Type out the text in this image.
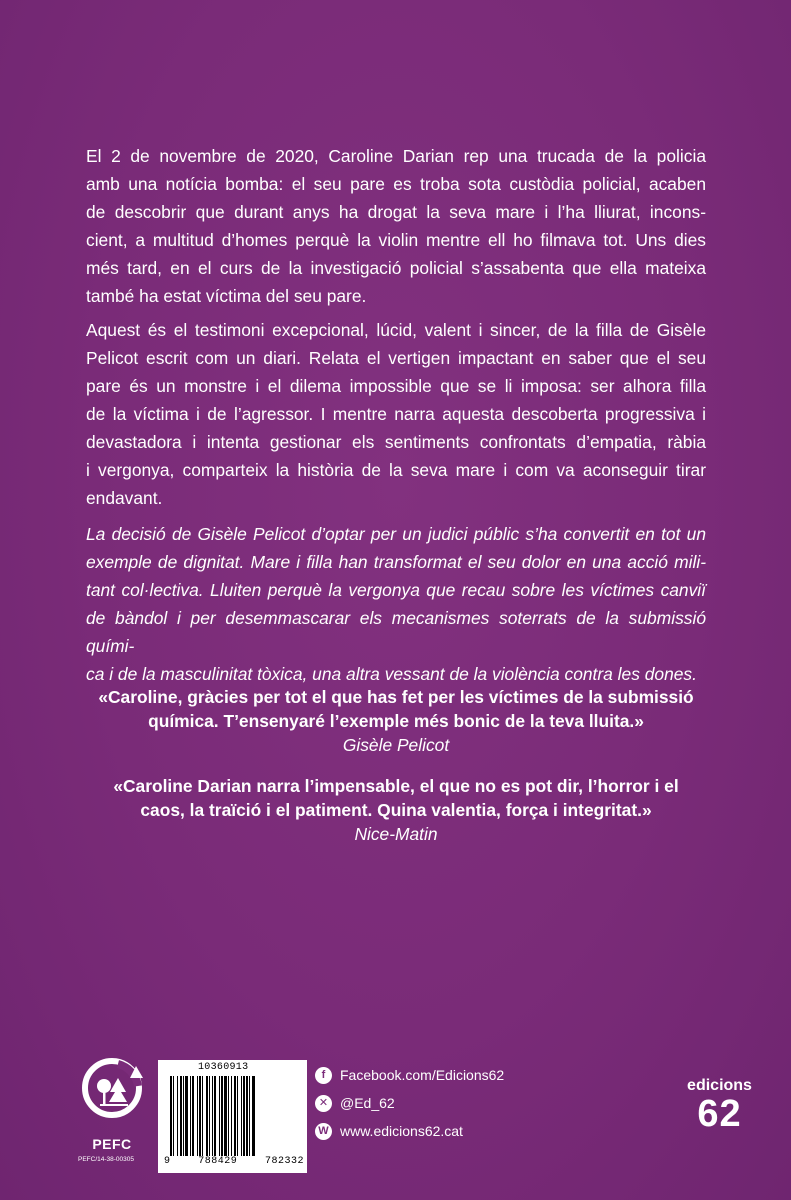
El 2 de novembre de 2020, Caroline Darian rep una trucada de la policia
amb una notícia bomba: el seu pare es troba sota custòdia policial, acaben
de descobrir que durant anys ha drogat la seva mare i l’ha lliurat, incons-
cient, a multitud d’homes perquè la violin mentre ell ho filmava tot. Uns dies
més tard, en el curs de la investigació policial s’assabenta que ella mateixa
també ha estat víctima del seu pare.
Aquest és el testimoni excepcional, lúcid, valent i sincer, de la filla de Gisèle
Pelicot escrit com un diari. Relata el vertigen impactant en saber que el seu
pare és un monstre i el dilema impossible que se li imposa: ser alhora filla
de la víctima i de l’agressor. I mentre narra aquesta descoberta progressiva i
devastadora i intenta gestionar els sentiments confrontats d’empatia, ràbia
i vergonya, comparteix la història de la seva mare i com va aconseguir tirar
endavant.
La decisió de Gisèle Pelicot d’optar per un judici públic s’ha convertit en tot un
exemple de dignitat. Mare i filla han transformat el seu dolor en una acció mili-
tant col·lectiva. Lluiten perquè la vergonya que recau sobre les víctimes canviï
de bàndol i per desemmascarar els mecanismes soterrats de la submissió quími-
ca i de la masculinitat tòxica, una altra vessant de la violència contra les dones.
«Caroline, gràcies per tot el que has fet per les víctimes de la submissió
química. T’ensenyaré l’exemple més bonic de la teva lluita.»
Gisèle Pelicot
«Caroline Darian narra l’impensable, el que no es pot dir, l’horror i el
caos, la traïció i el patiment. Quina valentia, força i integritat.»
Nice-Matin
PEFC
PEFC/14-38-00305
10360913
9	788429	782332
f	Facebook.com/Edicions62
✕ @Ed_62
W www.edicions62.cat
edicions
62
